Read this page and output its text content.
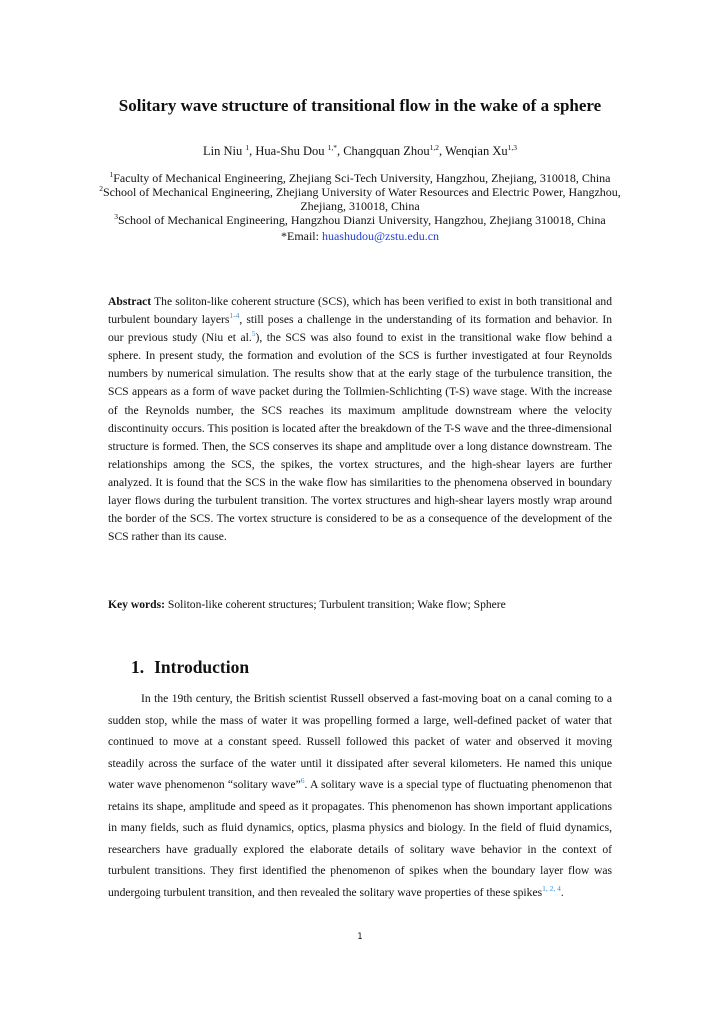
Solitary wave structure of transitional flow in the wake of a sphere
Lin Niu $^1$, Hua-Shu Dou $^{1,*}$, Changquan Zhou$^{1,2}$, Wenqian Xu$^{1,3}$
$^1$Faculty of Mechanical Engineering, Zhejiang Sci-Tech University, Hangzhou, Zhejiang, 310018, China
$^2$School of Mechanical Engineering, Zhejiang University of Water Resources and Electric Power, Hangzhou, Zhejiang, 310018, China
$^3$School of Mechanical Engineering, Hangzhou Dianzi University, Hangzhou, Zhejiang 310018, China
*Email: huashudou@zstu.edu.cn

Abstract The soliton-like coherent structure (SCS), which has been verified to exist in both transitional and turbulent boundary layers$^{1-4}$, still poses a challenge in the understanding of its formation and behavior. In our previous study (Niu et al.$^5$), the SCS was also found to exist in the transitional wake flow behind a sphere. In present study, the formation and evolution of the SCS is further investigated at four Reynolds numbers by numerical simulation. The results show that at the early stage of the turbulence transition, the SCS appears as a form of wave packet during the Tollmien-Schlichting (T-S) wave stage. With the increase of the Reynolds number, the SCS reaches its maximum amplitude downstream where the velocity discontinuity occurs. This position is located after the breakdown of the T-S wave and the three-dimensional structure is formed. Then, the SCS conserves its shape and amplitude over a long distance downstream. The relationships among the SCS, the spikes, the vortex structures, and the high-shear layers are further analyzed. It is found that the SCS in the wake flow has similarities to the phenomena observed in boundary layer flows during the turbulent transition. The vortex structures and high-shear layers mostly wrap around the border of the SCS. The vortex structure is considered to be as a consequence of the development of the SCS rather than its cause.

Key words: Soliton-like coherent structures; Turbulent transition; Wake flow; Sphere

1. Introduction

In the 19th century, the British scientist Russell observed a fast-moving boat on a canal coming to a sudden stop, while the mass of water it was propelling formed a large, well-defined packet of water that continued to move at a constant speed. Russell followed this packet of water and observed it moving steadily across the surface of the water until it dissipated after several kilometers. He named this unique water wave phenomenon “solitary wave”$^6$. A solitary wave is a special type of fluctuating phenomenon that retains its shape, amplitude and speed as it propagates. This phenomenon has shown important applications in many fields, such as fluid dynamics, optics, plasma physics and biology. In the field of fluid dynamics, researchers have gradually explored the elaborate details of solitary wave behavior in the context of turbulent transitions. They first identified the phenomenon of spikes when the boundary layer flow was undergoing turbulent transition, and then revealed the solitary wave properties of these spikes$^{1, 2, 4}$.

1
